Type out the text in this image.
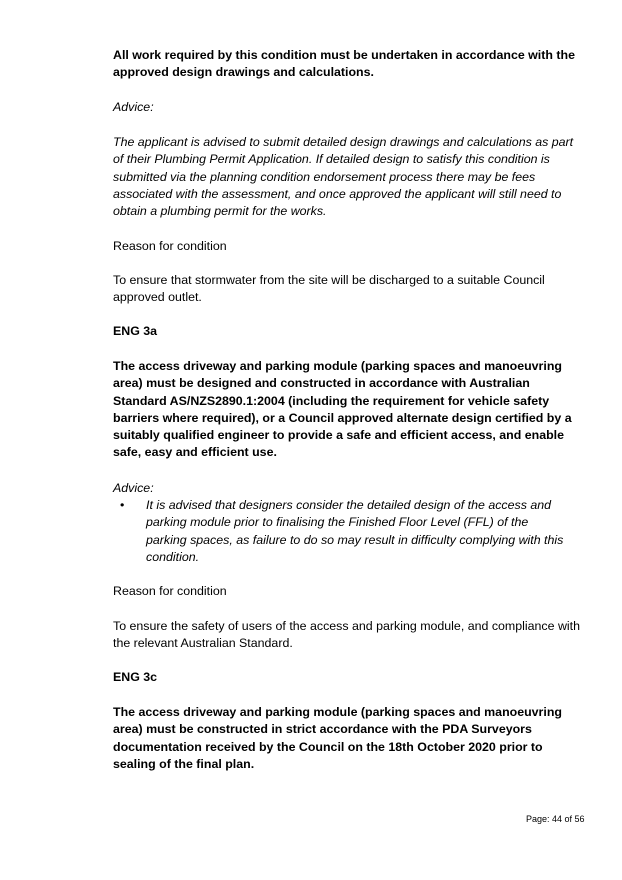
All work required by this condition must be undertaken in accordance with the approved design drawings and calculations.

Advice:

The applicant is advised to submit detailed design drawings and calculations as part of their Plumbing Permit Application. If detailed design to satisfy this condition is submitted via the planning condition endorsement process there may be fees associated with the assessment, and once approved the applicant will still need to obtain a plumbing permit for the works.

Reason for condition

To ensure that stormwater from the site will be discharged to a suitable Council approved outlet.

ENG 3a

The access driveway and parking module (parking spaces and manoeuvring area) must be designed and constructed in accordance with Australian Standard AS/NZS2890.1:2004 (including the requirement for vehicle safety barriers where required), or a Council approved alternate design certified by a suitably qualified engineer to provide a safe and efficient access, and enable safe, easy and efficient use.

Advice:

• It is advised that designers consider the detailed design of the access and parking module prior to finalising the Finished Floor Level (FFL) of the parking spaces, as failure to do so may result in difficulty complying with this condition.

Reason for condition

To ensure the safety of users of the access and parking module, and compliance with the relevant Australian Standard.

ENG 3c

The access driveway and parking module (parking spaces and manoeuvring area) must be constructed in strict accordance with the PDA Surveyors documentation received by the Council on the 18th October 2020 prior to sealing of the final plan.

Page: 44 of 56
